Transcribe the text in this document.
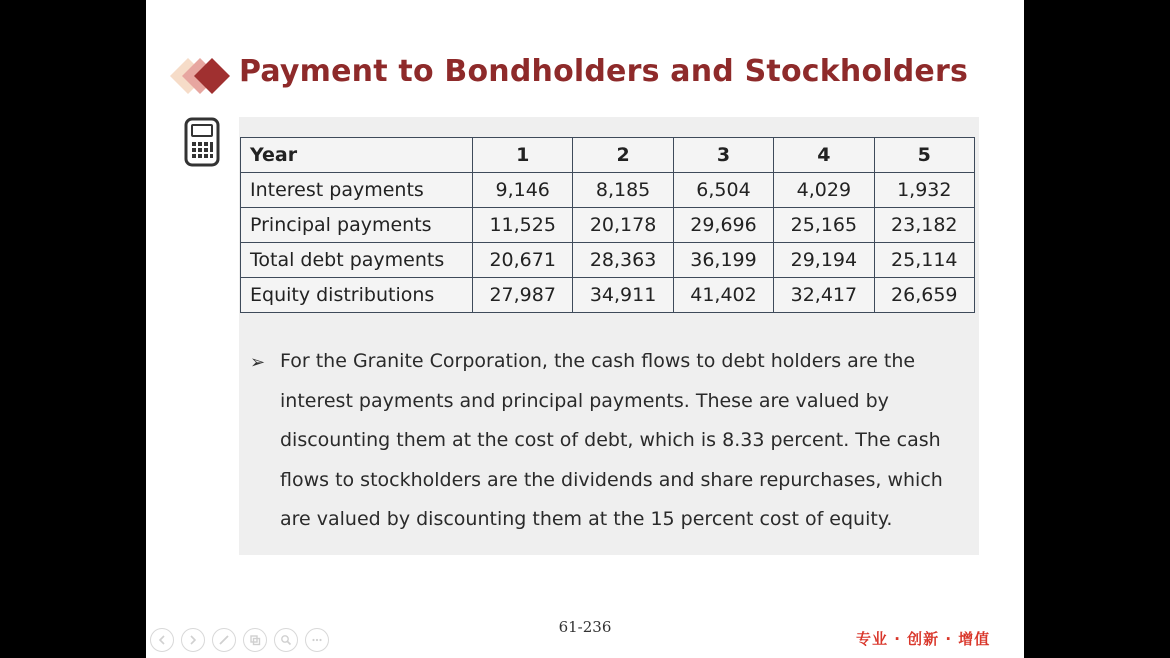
Payment to Bondholders and Stockholders
Year	1	2	3	4	5
Interest payments	9,146	8,185	6,504	4,029	1,932
Principal payments	11,525	20,178	29,696	25,165	23,182
Total debt payments	20,671	28,363	36,199	29,194	25,114
Equity distributions	27,987	34,911	41,402	32,417	26,659
➢ For the Granite Corporation, the cash flows to debt holders are the interest payments and principal payments. These are valued by discounting them at the cost of debt, which is 8.33 percent. The cash flows to stockholders are the dividends and share repurchases, which are valued by discounting them at the 15 percent cost of equity.

61-236
专业 · 创新 · 增值
